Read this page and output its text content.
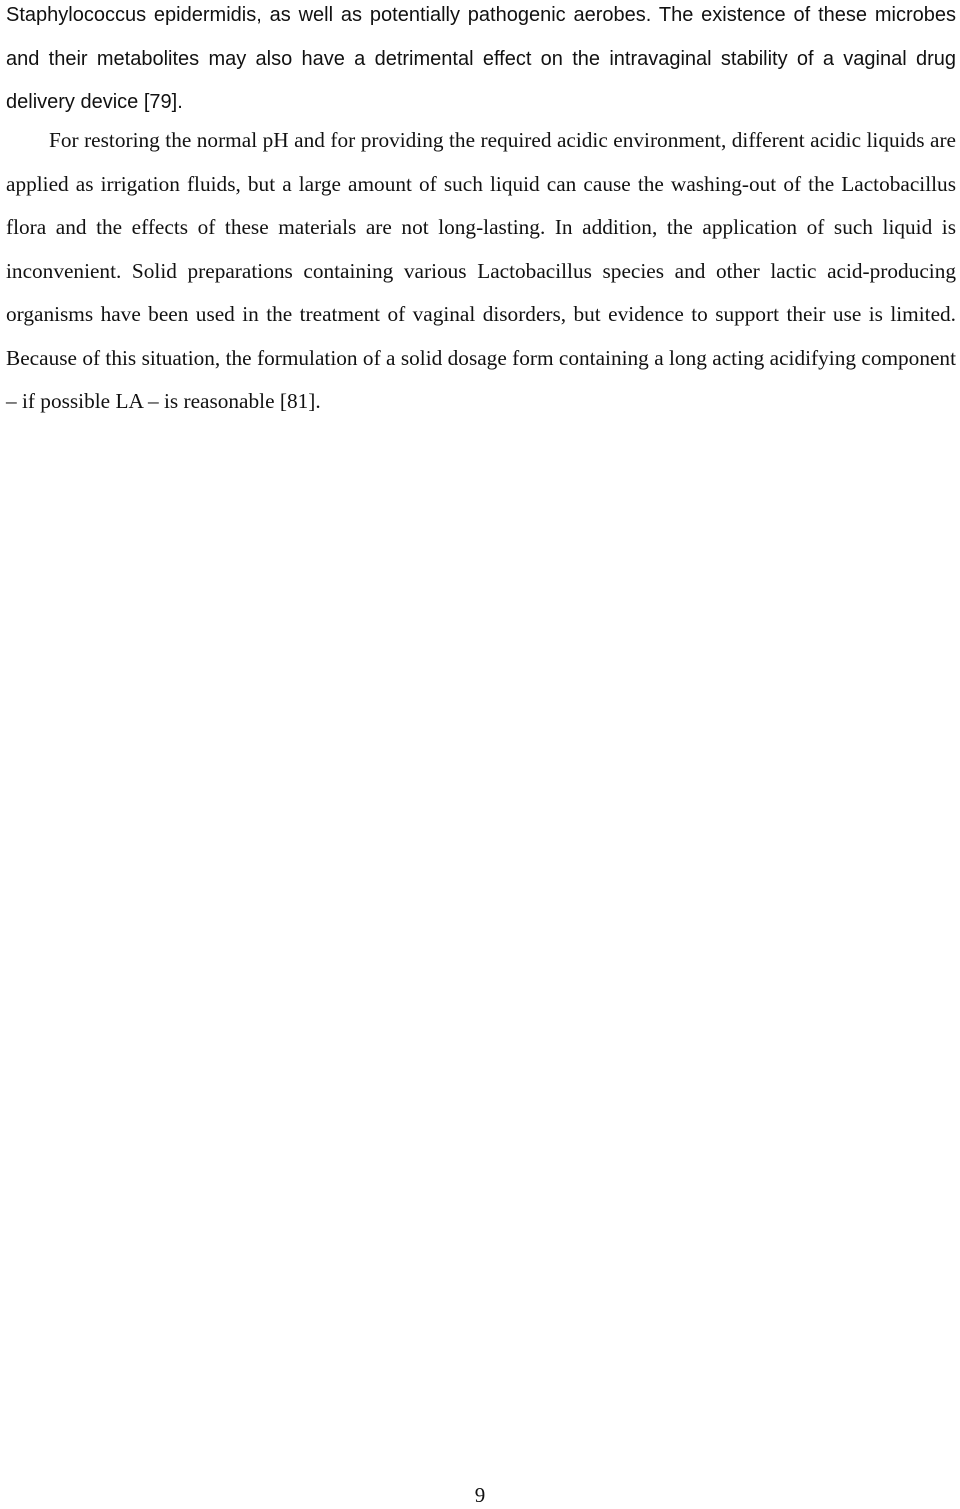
Staphylococcus epidermidis, as well as potentially pathogenic aerobes. The existence of these microbes and their metabolites may also have a detrimental effect on the intravaginal stability of a vaginal drug delivery device [79].

For restoring the normal pH and for providing the required acidic environment, different acidic liquids are applied as irrigation fluids, but a large amount of such liquid can cause the washing-out of the Lactobacillus flora and the effects of these materials are not long-lasting. In addition, the application of such liquid is inconvenient. Solid preparations containing various Lactobacillus species and other lactic acid-producing organisms have been used in the treatment of vaginal disorders, but evidence to support their use is limited. Because of this situation, the formulation of a solid dosage form containing a long acting acidifying component – if possible LA – is reasonable [81].

9
